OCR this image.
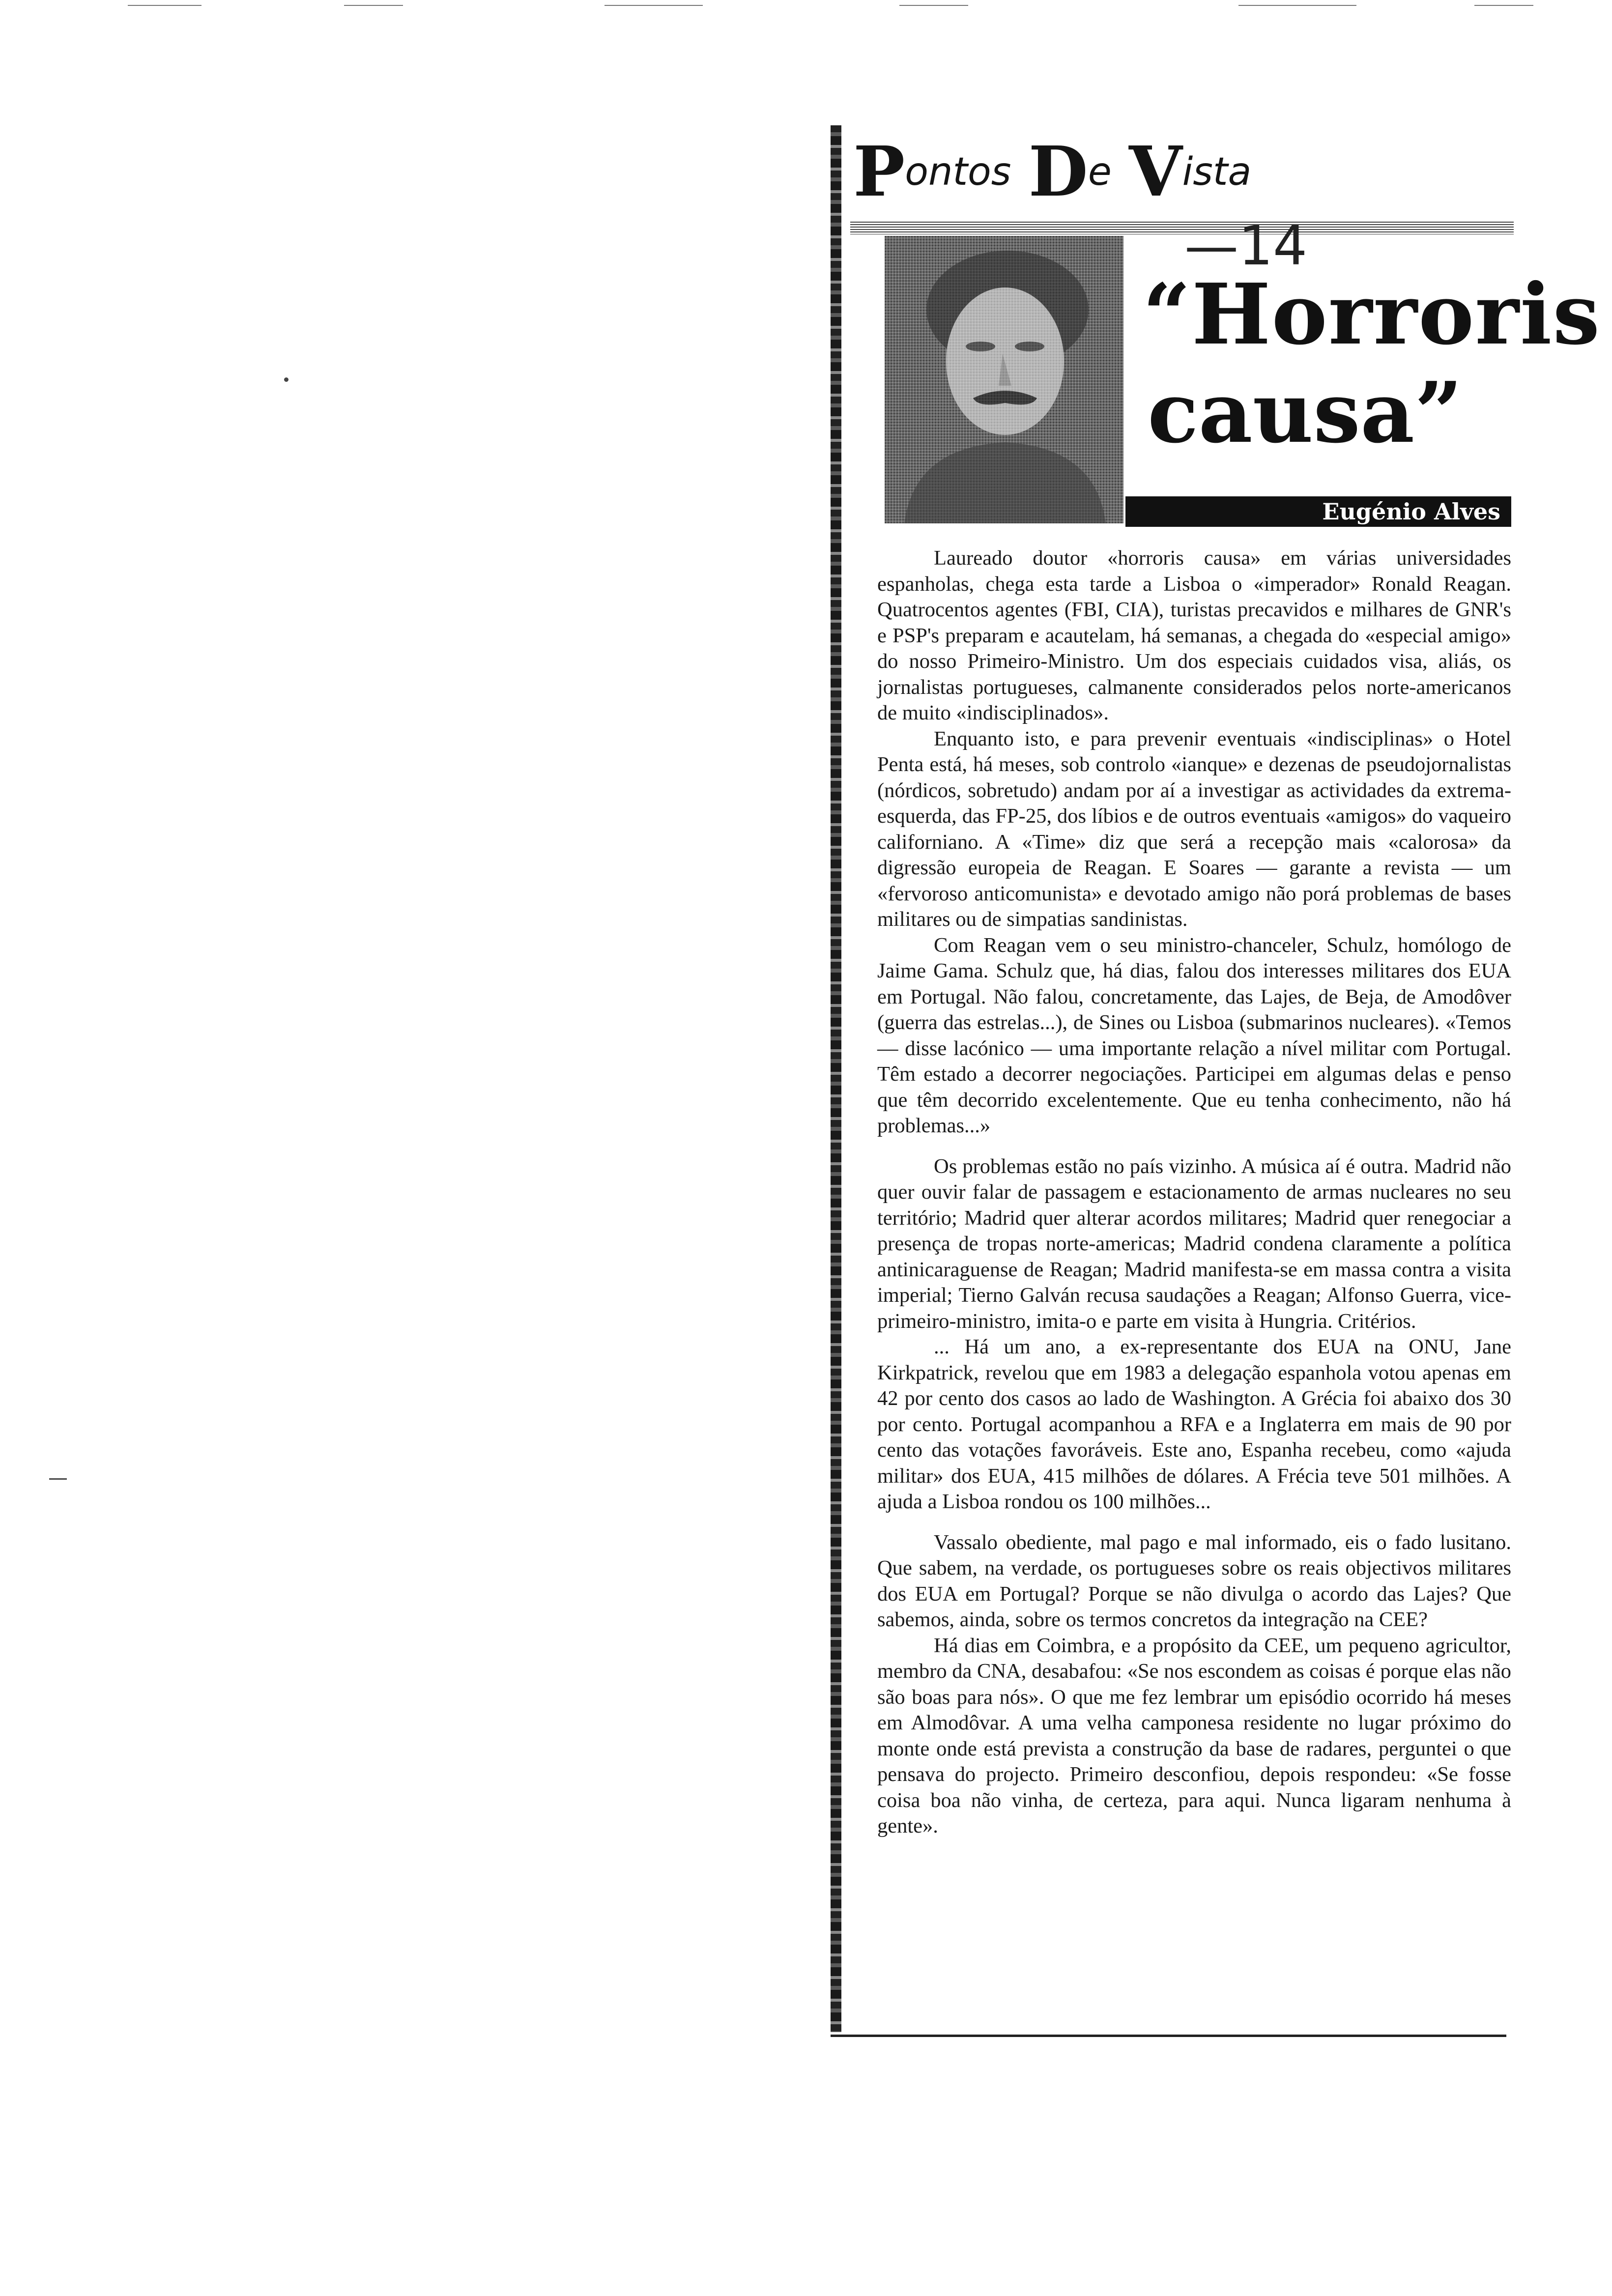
Pontos De Vista
—14
“Horroris
causa”
Eugénio Alves

Laureado doutor «horroris causa» em várias universidades espanholas, chega esta tarde a Lisboa o «imperador» Ronald Reagan. Quatrocentos agentes (FBI, CIA), turistas precavidos e milhares de GNR's e PSP's preparam e acautelam, há semanas, a chegada do «especial amigo» do nosso Primeiro-Ministro. Um dos especiais cuidados visa, aliás, os jornalistas portugueses, calmanente considerados pelos norte-americanos de muito «indisciplinados».

Enquanto isto, e para prevenir eventuais «indisciplinas» o Hotel Penta está, há meses, sob controlo «ianque» e dezenas de pseudojornalistas (nórdicos, sobretudo) andam por aí a investigar as actividades da extrema-esquerda, das FP-25, dos líbios e de outros eventuais «amigos» do vaqueiro californiano. A «Time» diz que será a recepção mais «calorosa» da digressão europeia de Reagan. E Soares — garante a revista — um «fervoroso anticomunista» e devotado amigo não porá problemas de bases militares ou de simpatias sandinistas.

Com Reagan vem o seu ministro-chanceler, Schulz, homólogo de Jaime Gama. Schulz que, há dias, falou dos interesses militares dos EUA em Portugal. Não falou, concretamente, das Lajes, de Beja, de Amodôver (guerra das estrelas...), de Sines ou Lisboa (submarinos nucleares). «Temos — disse lacónico — uma importante relação a nível militar com Portugal. Têm estado a decorrer negociações. Participei em algumas delas e penso que têm decorrido excelentemente. Que eu tenha conhecimento, não há problemas...»

Os problemas estão no país vizinho. A música aí é outra. Madrid não quer ouvir falar de passagem e estacionamento de armas nucleares no seu território; Madrid quer alterar acordos militares; Madrid quer renegociar a presença de tropas norte-americas; Madrid condena claramente a política antinicaraguense de Reagan; Madrid manifesta-se em massa contra a visita imperial; Tierno Galván recusa saudações a Reagan; Alfonso Guerra, vice-primeiro-ministro, imita-o e parte em visita à Hungria. Critérios.

... Há um ano, a ex-representante dos EUA na ONU, Jane Kirkpatrick, revelou que em 1983 a delegação espanhola votou apenas em 42 por cento dos casos ao lado de Washington. A Grécia foi abaixo dos 30 por cento. Portugal acompanhou a RFA e a Inglaterra em mais de 90 por cento das votações favoráveis. Este ano, Espanha recebeu, como «ajuda militar» dos EUA, 415 milhões de dólares. A Frécia teve 501 milhões. A ajuda a Lisboa rondou os 100 milhões...

Vassalo obediente, mal pago e mal informado, eis o fado lusitano. Que sabem, na verdade, os portugueses sobre os reais objectivos militares dos EUA em Portugal? Porque se não divulga o acordo das Lajes? Que sabemos, ainda, sobre os termos concretos da integração na CEE?

Há dias em Coimbra, e a propósito da CEE, um pequeno agricultor, membro da CNA, desabafou: «Se nos escondem as coisas é porque elas não são boas para nós». O que me fez lembrar um episódio ocorrido há meses em Almodôvar. A uma velha camponesa residente no lugar próximo do monte onde está prevista a construção da base de radares, perguntei o que pensava do projecto. Primeiro desconfiou, depois respondeu: «Se fosse coisa boa não vinha, de certeza, para aqui. Nunca ligaram nenhuma à gente».
